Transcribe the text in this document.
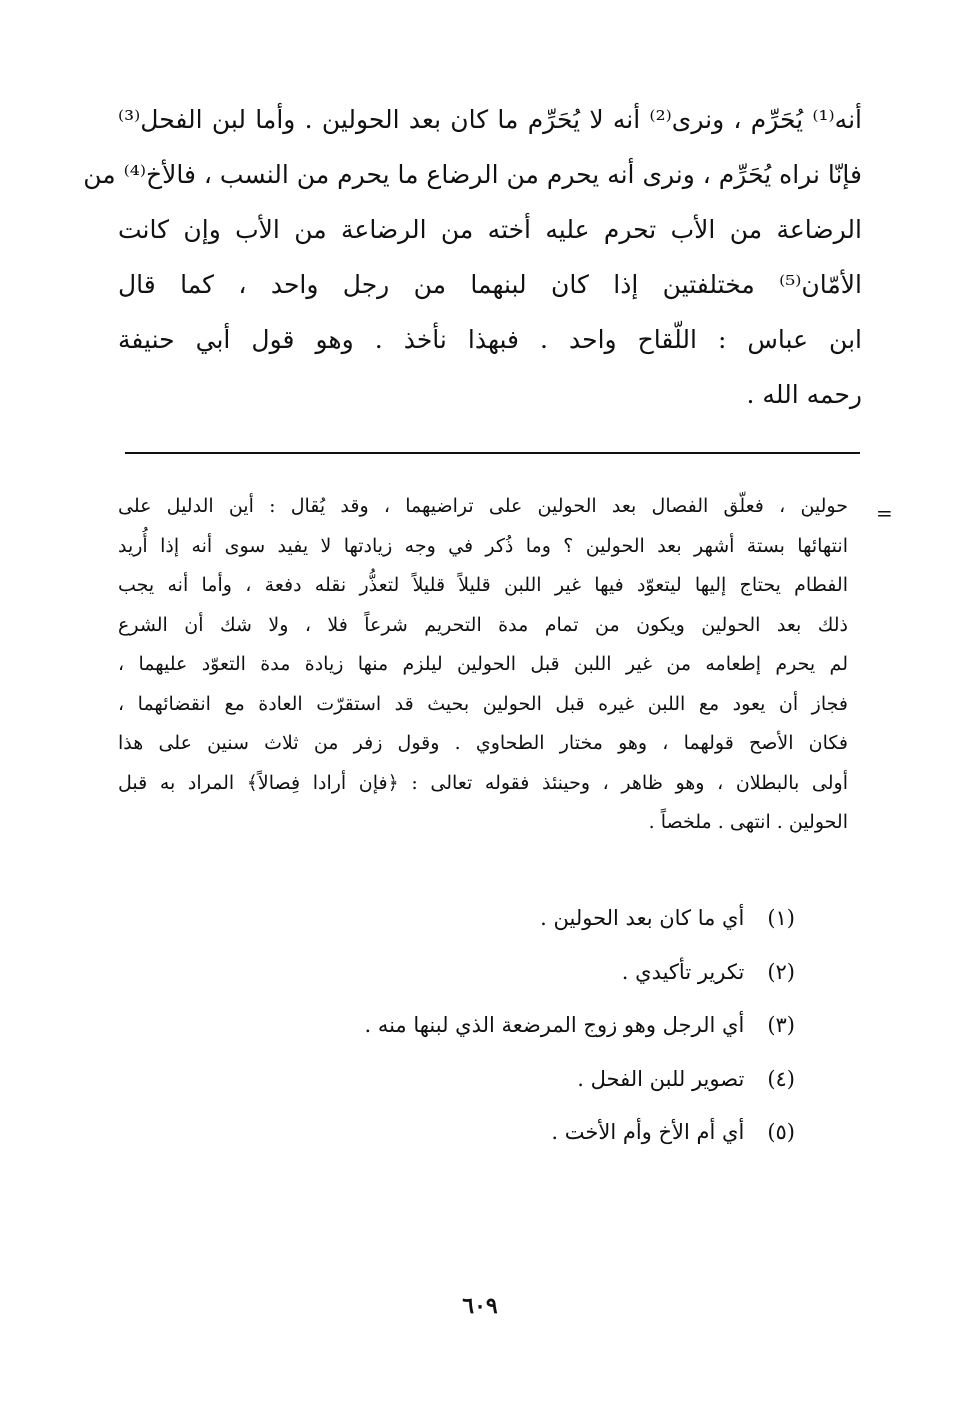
أنه⁽¹⁾ يُحَرِّم ، ونرى⁽²⁾ أنه لا يُحَرِّم ما كان بعد الحولين . وأما لبن الفحل⁽³⁾
فإنّا نراه يُحَرِّم ، ونرى أنه يحرم من الرضاع ما يحرم من النسب ، فالأخ⁽⁴⁾ من
الرضاعة من الأب تحرم عليه أخته من الرضاعة من الأب وإن كانت
الأمّان⁽⁵⁾ مختلفتين إذا كان لبنهما من رجل واحد ، كما قال
ابن عباس : اللّقاح واحد . فبهذا نأخذ . وهو قول أبي حنيفة
رحمه الله .
=
حولين ، فعلّق الفصال بعد الحولين على تراضيهما ، وقد يُقال : أين الدليل على
انتهائها بستة أشهر بعد الحولين ؟ وما ذُكر في وجه زيادتها لا يفيد سوى أنه إذا أُريد
الفطام يحتاج إليها ليتعوّد فيها غير اللبن قليلاً قليلاً لتعذُّر نقله دفعة ، وأما أنه يجب
ذلك بعد الحولين ويكون من تمام مدة التحريم شرعاً فلا ، ولا شك أن الشرع
لم يحرم إطعامه من غير اللبن قبل الحولين ليلزم منها زيادة مدة التعوّد عليهما ،
فجاز أن يعود مع اللبن غيره قبل الحولين بحيث قد استقرّت العادة مع انقضائهما ،
فكان الأصح قولهما ، وهو مختار الطحاوي . وقول زفر من ثلاث سنين على هذا
أولى بالبطلان ، وهو ظاهر ، وحينئذ فقوله تعالى : ﴿فإن أرادا فِصالاً﴾ المراد به قبل
الحولين . انتهى . ملخصاً .
(١) أي ما كان بعد الحولين .
(٢) تكرير تأكيدي .
(٣) أي الرجل وهو زوج المرضعة الذي لبنها منه .
(٤) تصوير للبن الفحل .
(٥) أي أم الأخ وأم الأخت .
٦٠٩
